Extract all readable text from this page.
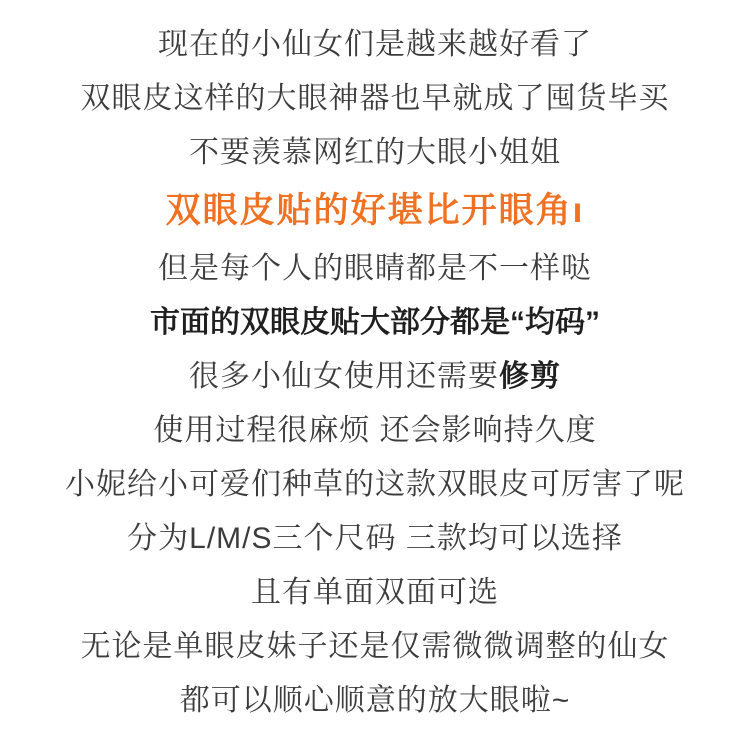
现在的小仙女们是越来越好看了
双眼皮这样的大眼神器也早就成了囤货毕买
不要羡慕网红的大眼小姐姐
双眼皮贴的好堪比开眼角ı
但是每个人的眼睛都是不一样哒
市面的双眼皮贴大部分都是“均码”
很多小仙女使用还需要修剪
使用过程很麻烦 还会影响持久度
小妮给小可爱们种草的这款双眼皮可厉害了呢
分为L/M/S三个尺码 三款均可以选择
且有单面双面可选
无论是单眼皮妹子还是仅需微微调整的仙女
都可以顺心顺意的放大眼啦~
